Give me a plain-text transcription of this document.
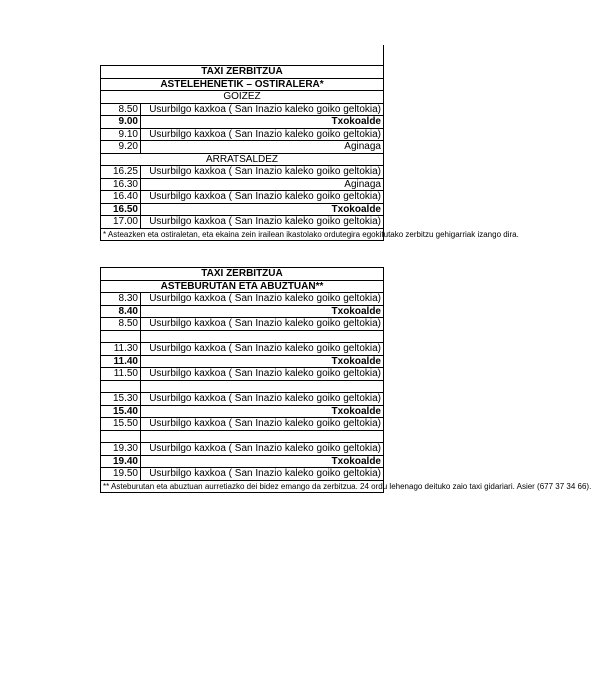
TAXI ZERBITZUA	
ASTELEHENETIK – OSTIRALERA*	
GOIZEZ	
8.50	Usurbilgo kaxkoa ( San Inazio kaleko goiko geltokia)
9.00	Txokoalde
9.10	Usurbilgo kaxkoa ( San Inazio kaleko goiko geltokia)
9.20	Aginaga
ARRATSALDEZ	
16.25	Usurbilgo kaxkoa ( San Inazio kaleko goiko geltokia)
16.30	Aginaga
16.40	Usurbilgo kaxkoa ( San Inazio kaleko goiko geltokia)
16.50	Txokoalde
17.00	Usurbilgo kaxkoa ( San Inazio kaleko goiko geltokia)
* Asteazken eta ostiraletan, eta ekaina zein irailean ikastolako ordutegira egokitutako zerbitzu gehigarriak izango dira.	
TAXI ZERBITZUA	
ASTEBURUTAN ETA ABUZTUAN**	
8.30	Usurbilgo kaxkoa ( San Inazio kaleko goiko geltokia)
8.40	Txokoalde
8.50	Usurbilgo kaxkoa ( San Inazio kaleko goiko geltokia)

11.30	Usurbilgo kaxkoa ( San Inazio kaleko goiko geltokia)
11.40	Txokoalde
11.50	Usurbilgo kaxkoa ( San Inazio kaleko goiko geltokia)

15.30	Usurbilgo kaxkoa ( San Inazio kaleko goiko geltokia)
15.40	Txokoalde
15.50	Usurbilgo kaxkoa ( San Inazio kaleko goiko geltokia)

19.30	Usurbilgo kaxkoa ( San Inazio kaleko goiko geltokia)
19.40	Txokoalde
19.50	Usurbilgo kaxkoa ( San Inazio kaleko goiko geltokia)
** Asteburutan eta abuztuan aurretiazko dei bidez emango da zerbitzua. 24 ordu lehenago deituko zaio taxi gidariari. Asier (677 37 34 66).	
